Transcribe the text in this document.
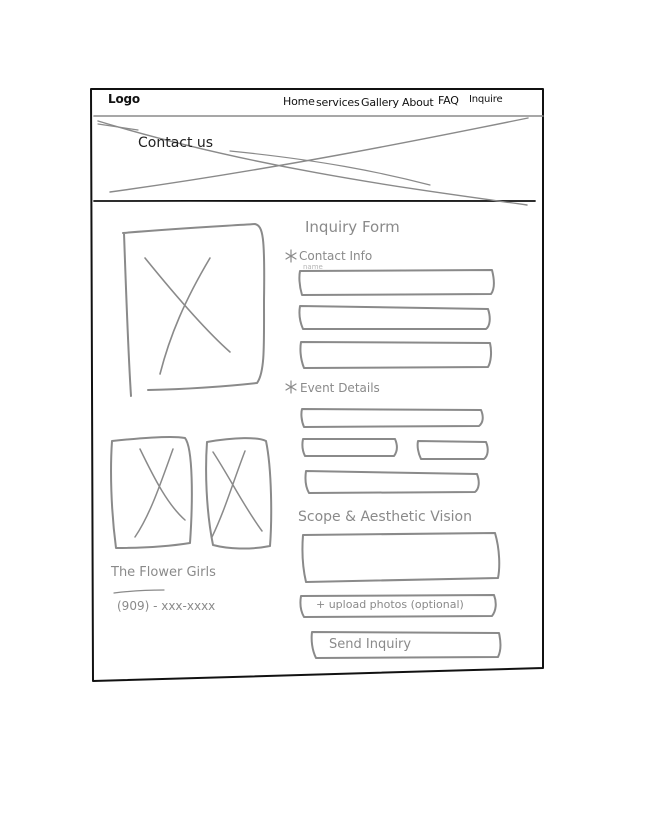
Logo	Home services Gallery About FAQ Inquire
Contact us
Inquiry Form
Contact Info
name
Event Details
Scope & Aesthetic Vision
+ upload photos (optional)
Send Inquiry
The Flower Girls
(909) - xxx-xxxx
